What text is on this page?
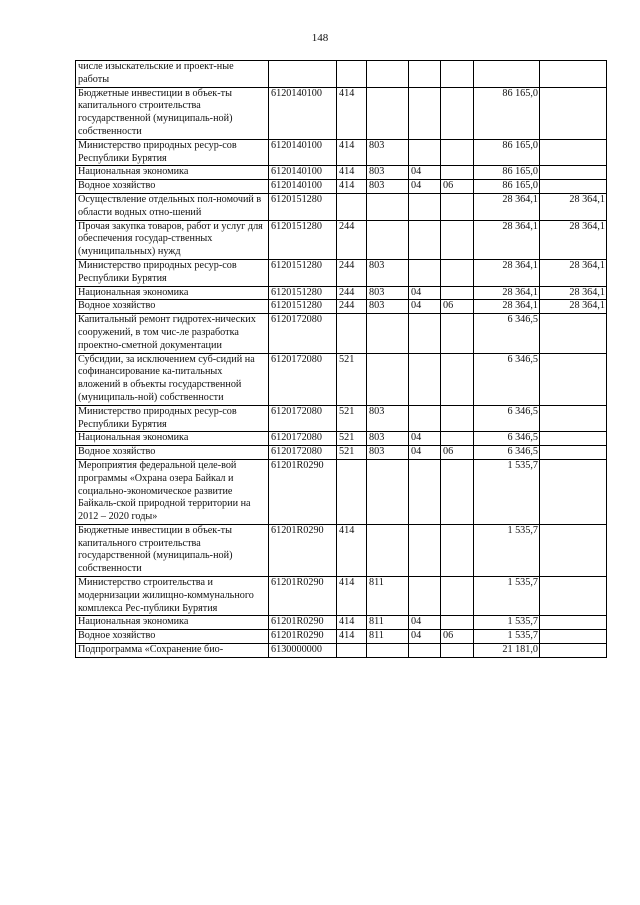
148
числе изыскательские и проект-ные работы							
Бюджетные инвестиции в объек-ты капитального строительства государственной (муниципаль-ной) собственности	6120140100	414				86 165,0	
Министерство природных ресур-сов Республики Бурятия	6120140100	414	803			86 165,0	
Национальная экономика	6120140100	414	803	04		86 165,0	
Водное хозяйство	6120140100	414	803	04	06	86 165,0	
Осуществление отдельных пол-номочий в области водных отно-шений	6120151280					28 364,1	28 364,1
Прочая закупка товаров, работ и услуг для обеспечения государ-ственных (муниципальных) нужд	6120151280	244				28 364,1	28 364,1
Министерство природных ресур-сов Республики Бурятия	6120151280	244	803			28 364,1	28 364,1
Национальная экономика	6120151280	244	803	04		28 364,1	28 364,1
Водное хозяйство	6120151280	244	803	04	06	28 364,1	28 364,1
Капитальный ремонт гидротех-нических сооружений, в том чис-ле разработка проектно-сметной документации	6120172080					6 346,5	
Субсидии, за исключением суб-сидий на софинансирование ка-питальных вложений в объекты государственной (муниципаль-ной) собственности	6120172080	521				6 346,5	
Министерство природных ресур-сов Республики Бурятия	6120172080	521	803			6 346,5	
Национальная экономика	6120172080	521	803	04		6 346,5	
Водное хозяйство	6120172080	521	803	04	06	6 346,5	
Мероприятия федеральной целе-вой программы «Охрана озера Байкал и социально-экономическое развитие Байкаль-ской природной территории на 2012 – 2020 годы»	61201R0290					1 535,7	
Бюджетные инвестиции в объек-ты капитального строительства государственной (муниципаль-ной) собственности	61201R0290	414				1 535,7	
Министерство строительства и модернизации жилищно-коммунального комплекса Рес-публики Бурятия	61201R0290	414	811			1 535,7	
Национальная экономика	61201R0290	414	811	04		1 535,7	
Водное хозяйство	61201R0290	414	811	04	06	1 535,7	
Подпрограмма «Сохранение био-	6130000000					21 181,0	
